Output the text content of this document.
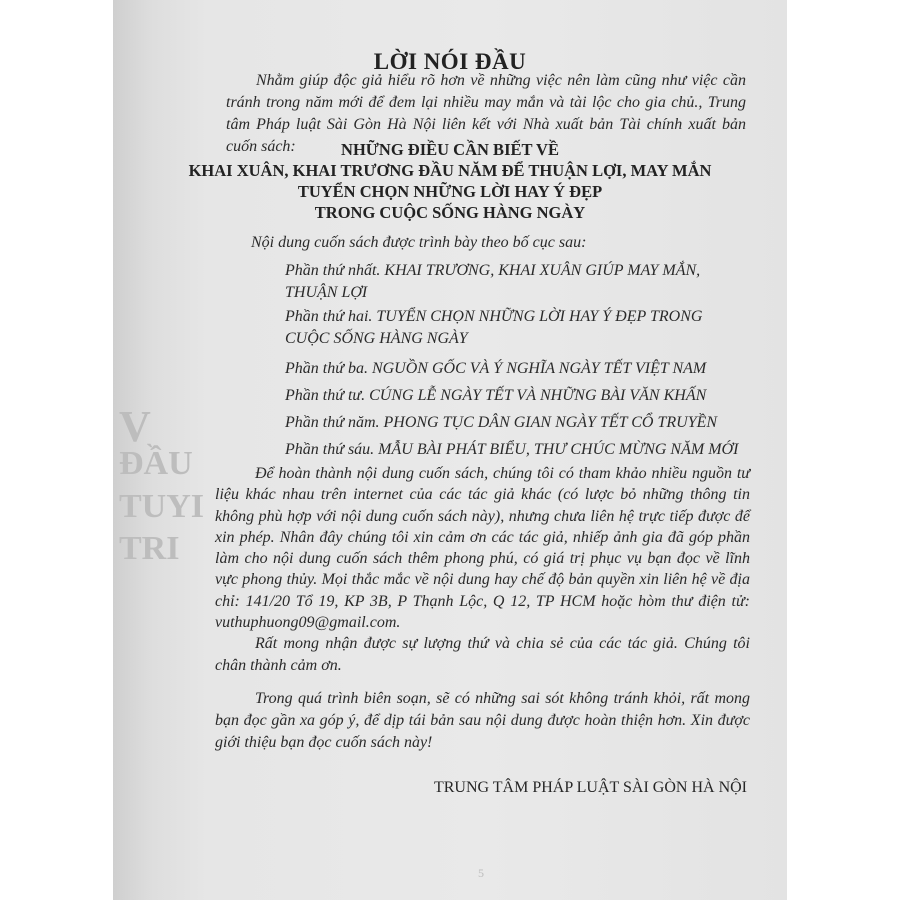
V
ĐẦU
TUYI
TRI
LỜI NÓI ĐẦU

Nhằm giúp độc giả hiểu rõ hơn về những việc nên làm cũng như việc cần tránh trong năm mới để đem lại nhiều may mắn và tài lộc cho gia chủ., Trung tâm Pháp luật Sài Gòn Hà Nội liên kết với Nhà xuất bản Tài chính xuất bản cuốn sách:	NHỮNG ĐIỀU CẦN BIẾT VỀ
KHAI XUÂN, KHAI TRƯƠNG ĐẦU NĂM ĐỂ THUẬN LỢI, MAY MẮN
TUYỂN CHỌN NHỮNG LỜI HAY Ý ĐẸP
TRONG CUỘC SỐNG HÀNG NGÀY

Nội dung cuốn sách được trình bày theo bố cục sau:

Phần thứ nhất. KHAI TRƯƠNG, KHAI XUÂN GIÚP MAY MẮN,
THUẬN LỢI
Phần thứ hai. TUYỂN CHỌN NHỮNG LỜI HAY Ý ĐẸP TRONG
CUỘC SỐNG HÀNG NGÀY
Phần thứ ba. NGUỒN GỐC VÀ Ý NGHĨA NGÀY TẾT VIỆT NAM
Phần thứ tư. CÚNG LỄ NGÀY TẾT VÀ NHỮNG BÀI VĂN KHẤN
Phần thứ năm. PHONG TỤC DÂN GIAN NGÀY TẾT CỔ TRUYỀN
Phần thứ sáu. MẪU BÀI PHÁT BIỂU, THƯ CHÚC MỪNG NĂM MỚI

Để hoàn thành nội dung cuốn sách, chúng tôi có tham khảo nhiều nguồn tư liệu khác nhau trên internet của các tác giả khác (có lược bỏ những thông tin không phù hợp với nội dung cuốn sách này), nhưng chưa liên hệ trực tiếp được để xin phép. Nhân đây chúng tôi xin cảm ơn các tác giả, nhiếp ảnh gia đã góp phần làm cho nội dung cuốn sách thêm phong phú, có giá trị phục vụ bạn đọc về lĩnh vực phong thủy. Mọi thắc mắc về nội dung hay chế độ bản quyền xin liên hệ về địa chỉ: 141/20 Tổ 19, KP 3B, P Thạnh Lộc, Q 12, TP HCM hoặc hòm thư điện tử: vuthuphuong09@gmail.com.

Rất mong nhận được sự lượng thứ và chia sẻ của các tác giả. Chúng tôi chân thành cảm ơn.

Trong quá trình biên soạn, sẽ có những sai sót không tránh khỏi, rất mong bạn đọc gần xa góp ý, để dịp tái bản sau nội dung được hoàn thiện hơn. Xin được giới thiệu bạn đọc cuốn sách này!

TRUNG TÂM PHÁP LUẬT SÀI GÒN HÀ NỘI
5
